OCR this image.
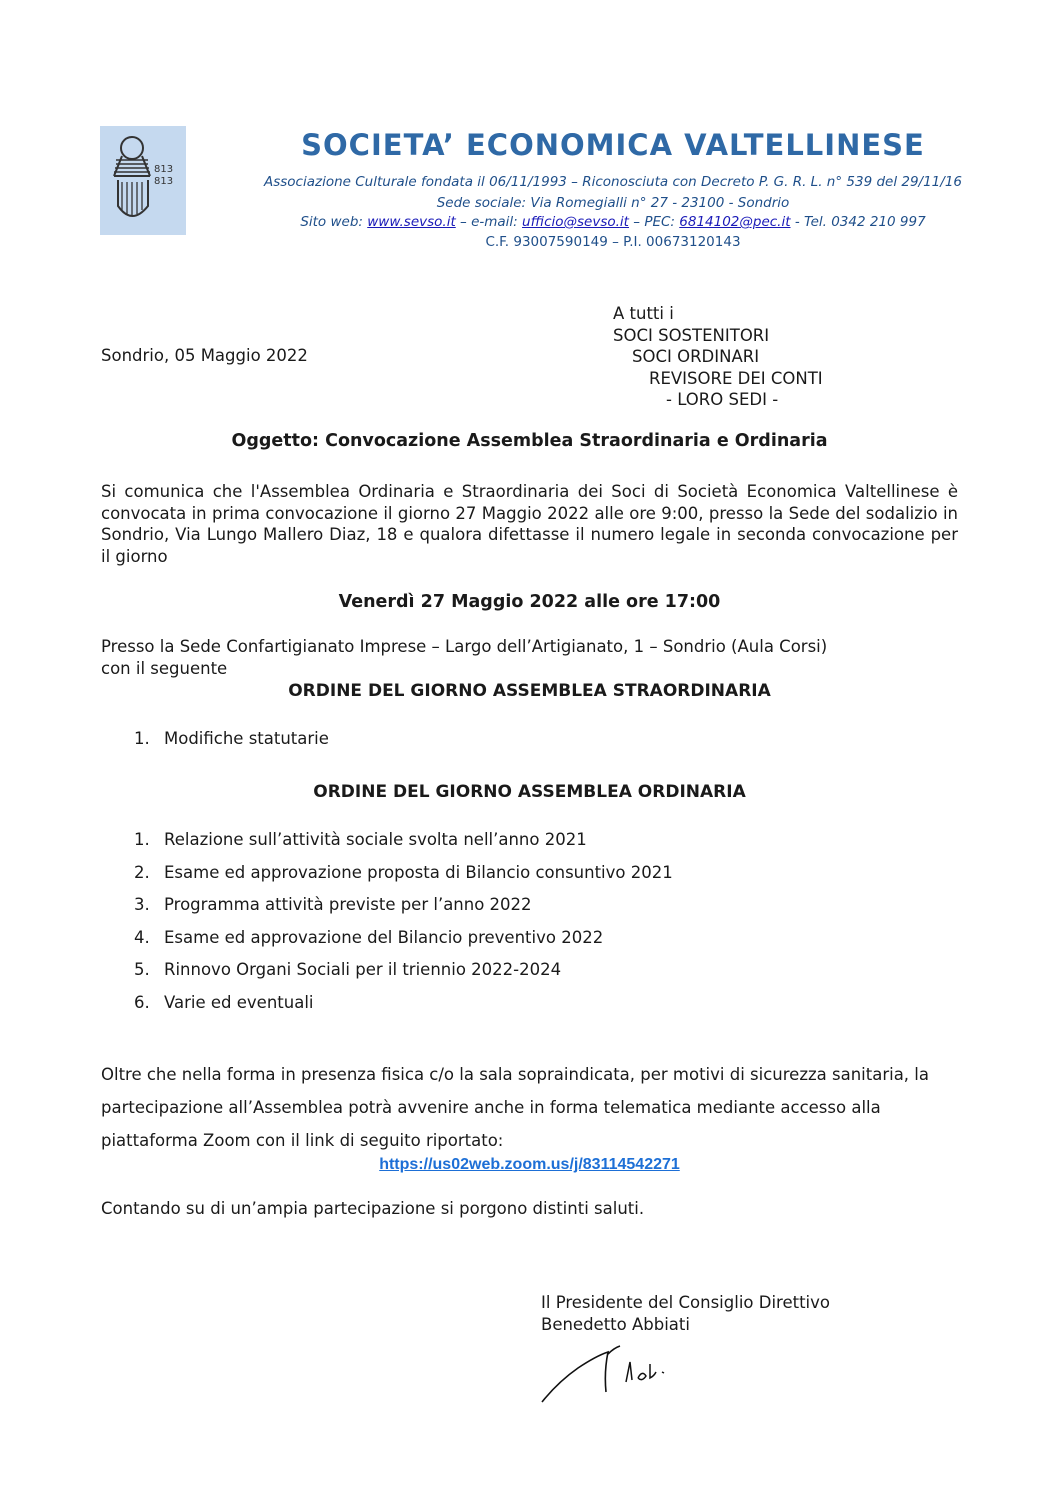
813
813
SOCIETA’ ECONOMICA VALTELLINESE
Associazione Culturale fondata il 06/11/1993 – Riconosciuta con Decreto P. G. R. L. n° 539 del 29/11/16
Sede sociale: Via Romegialli n° 27 - 23100 - Sondrio
Sito web: www.sevso.it – e-mail: ufficio@sevso.it – PEC: 6814102@pec.it - Tel. 0342 210 997
C.F. 93007590149 – P.I. 00673120143
A tutti i
SOCI SOSTENITORI
SOCI ORDINARI
REVISORE DEI CONTI
- LORO SEDI -
Sondrio, 05 Maggio 2022
Oggetto: Convocazione Assemblea Straordinaria e Ordinaria
Si comunica che l'Assemblea Ordinaria e Straordinaria dei Soci di Società Economica Valtellinese è convocata in prima convocazione il giorno 27 Maggio 2022 alle ore 9:00, presso la Sede del sodalizio in Sondrio, Via Lungo Mallero Diaz, 18 e qualora difettasse il numero legale in seconda convocazione per il giorno
Venerdì 27 Maggio 2022 alle ore 17:00
Presso la Sede Confartigianato Imprese – Largo dell’Artigianato, 1 – Sondrio (Aula Corsi)
con il seguente
ORDINE DEL GIORNO ASSEMBLEA STRAORDINARIA
1. Modifiche statutarie
ORDINE DEL GIORNO ASSEMBLEA ORDINARIA
1. Relazione sull’attività sociale svolta nell’anno 2021
2. Esame ed approvazione proposta di Bilancio consuntivo 2021
3. Programma attività previste per l’anno 2022
4. Esame ed approvazione del Bilancio preventivo 2022
5. Rinnovo Organi Sociali per il triennio 2022-2024
6. Varie ed eventuali
Oltre che nella forma in presenza fisica c/o la sala sopraindicata, per motivi di sicurezza sanitaria, la partecipazione all’Assemblea potrà avvenire anche in forma telematica mediante accesso alla piattaforma Zoom con il link di seguito riportato:
https://us02web.zoom.us/j/83114542271
Contando su di un’ampia partecipazione si porgono distinti saluti.
Il Presidente del Consiglio Direttivo
Benedetto Abbiati
